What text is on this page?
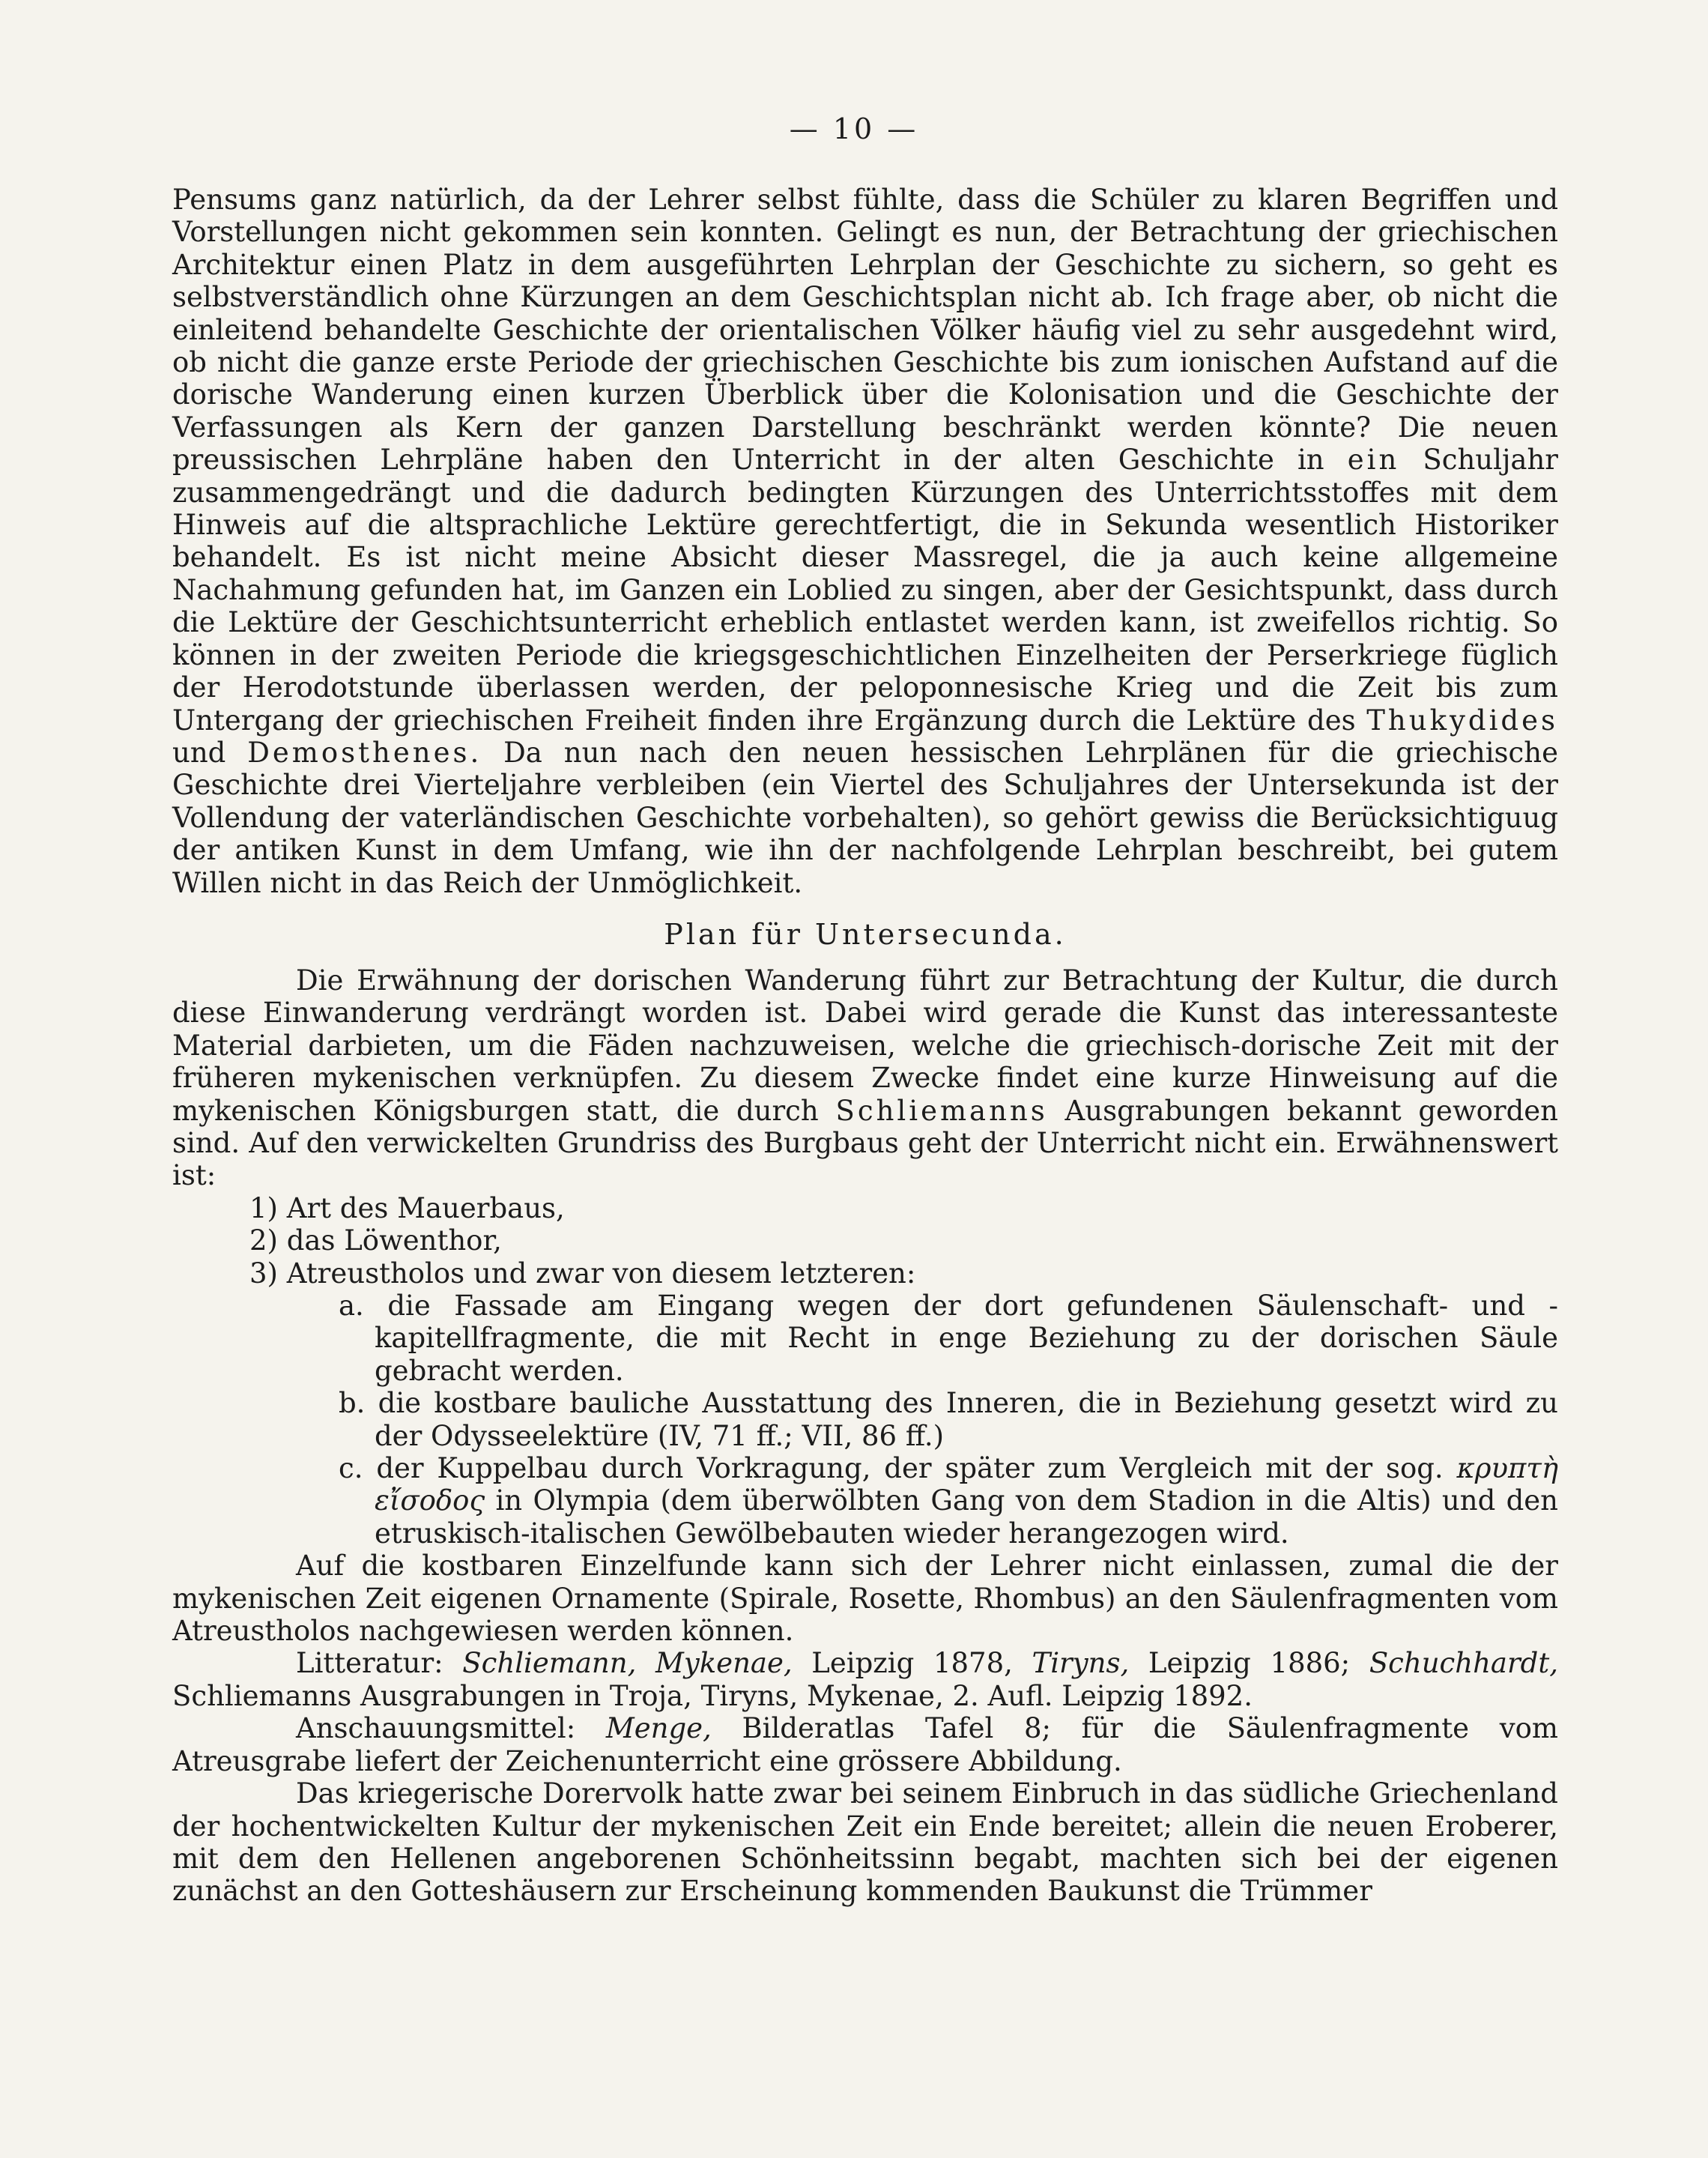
— 10 —

Pensums ganz natürlich, da der Lehrer selbst fühlte, dass die Schüler zu klaren Begriffen und Vorstellungen nicht gekommen sein konnten. Gelingt es nun, der Betrachtung der griechischen Architektur einen Platz in dem ausgeführten Lehrplan der Geschichte zu sichern, so geht es selbstverständlich ohne Kürzungen an dem Geschichtsplan nicht ab. Ich frage aber, ob nicht die einleitend behandelte Geschichte der orientalischen Völker häufig viel zu sehr ausgedehnt wird, ob nicht die ganze erste Periode der griechischen Geschichte bis zum ionischen Aufstand auf die dorische Wanderung einen kurzen Überblick über die Kolonisation und die Geschichte der Verfassungen als Kern der ganzen Darstellung beschränkt werden könnte? Die neuen preussischen Lehrpläne haben den Unterricht in der alten Geschichte in ein Schuljahr zusammengedrängt und die dadurch bedingten Kürzungen des Unterrichtsstoffes mit dem Hinweis auf die altsprachliche Lektüre gerechtfertigt, die in Sekunda wesentlich Historiker behandelt. Es ist nicht meine Absicht dieser Massregel, die ja auch keine allgemeine Nachahmung gefunden hat, im Ganzen ein Loblied zu singen, aber der Gesichtspunkt, dass durch die Lektüre der Geschichtsunterricht erheblich entlastet werden kann, ist zweifellos richtig. So können in der zweiten Periode die kriegsgeschichtlichen Einzelheiten der Perserkriege füglich der Herodotstunde überlassen werden, der peloponnesische Krieg und die Zeit bis zum Untergang der griechischen Freiheit finden ihre Ergänzung durch die Lektüre des Thukydides und Demosthenes. Da nun nach den neuen hessischen Lehrplänen für die griechische Geschichte drei Vierteljahre verbleiben (ein Viertel des Schuljahres der Untersekunda ist der Vollendung der vaterländischen Geschichte vorbehalten), so gehört gewiss die Berücksichtiguug der antiken Kunst in dem Umfang, wie ihn der nachfolgende Lehrplan beschreibt, bei gutem Willen nicht in das Reich der Unmöglichkeit.

Plan für Untersecunda.

Die Erwähnung der dorischen Wanderung führt zur Betrachtung der Kultur, die durch diese Einwanderung verdrängt worden ist. Dabei wird gerade die Kunst das interessanteste Material darbieten, um die Fäden nachzuweisen, welche die griechisch-dorische Zeit mit der früheren mykenischen verknüpfen. Zu diesem Zwecke findet eine kurze Hinweisung auf die mykenischen Königsburgen statt, die durch Schliemanns Ausgrabungen bekannt geworden sind. Auf den verwickelten Grundriss des Burgbaus geht der Unterricht nicht ein. Erwähnenswert ist:

1) Art des Mauerbaus,
2) das Löwenthor,
3) Atreustholos und zwar von diesem letzteren:
a. die Fassade am Eingang wegen der dort gefundenen Säulenschaft- und -kapitellfragmente, die mit Recht in enge Beziehung zu der dorischen Säule gebracht werden.
b. die kostbare bauliche Ausstattung des Inneren, die in Beziehung gesetzt wird zu der Odysseelektüre (IV, 71 ff.; VII, 86 ff.)
c. der Kuppelbau durch Vorkragung, der später zum Vergleich mit der sog. κρυπτὴ εἴσοδος in Olympia (dem überwölbten Gang von dem Stadion in die Altis) und den etruskisch-italischen Gewölbebauten wieder herangezogen wird.

Auf die kostbaren Einzelfunde kann sich der Lehrer nicht einlassen, zumal die der mykenischen Zeit eigenen Ornamente (Spirale, Rosette, Rhombus) an den Säulenfragmenten vom Atreustholos nachgewiesen werden können.

Litteratur: Schliemann, Mykenae, Leipzig 1878, Tiryns, Leipzig 1886; Schuchhardt, Schliemanns Ausgrabungen in Troja, Tiryns, Mykenae, 2. Aufl. Leipzig 1892.

Anschauungsmittel: Menge, Bilderatlas Tafel 8; für die Säulenfragmente vom Atreusgrabe liefert der Zeichenunterricht eine grössere Abbildung.

Das kriegerische Dorervolk hatte zwar bei seinem Einbruch in das südliche Griechenland der hochentwickelten Kultur der mykenischen Zeit ein Ende bereitet; allein die neuen Eroberer, mit dem den Hellenen angeborenen Schönheitssinn begabt, machten sich bei der eigenen zunächst an den Gotteshäusern zur Erscheinung kommenden Baukunst die Trümmer
